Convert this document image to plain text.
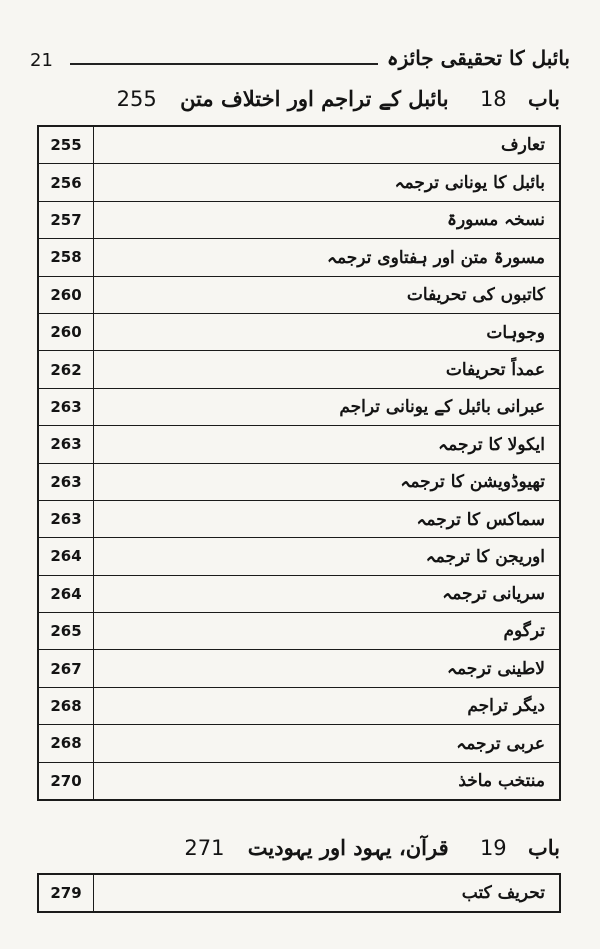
21	بائبل کا تحقیقی جائزہ
باب 18 بائبل کے تراجم اور اختلاف متن 255
255	تعارف
256	بائبل کا یونانی ترجمہ
257	نسخہ مسورۃ
258	مسورۃ متن اور ہفتاوی ترجمہ
260	کاتبوں کی تحریفات
260	وجوہات
262	عمداً تحریفات
263	عبرانی بائبل کے یونانی تراجم
263	ایکولا کا ترجمہ
263	تھیوڈویشن کا ترجمہ
263	سماکس کا ترجمہ
264	اوریجن کا ترجمہ
264	سریانی ترجمہ
265	ترگوم
267	لاطینی ترجمہ
268	دیگر تراجم
268	عربی ترجمہ
270	منتخب ماخذ
باب 19 قرآن، یہود اور یہودیت 271
279	تحریف کتب
